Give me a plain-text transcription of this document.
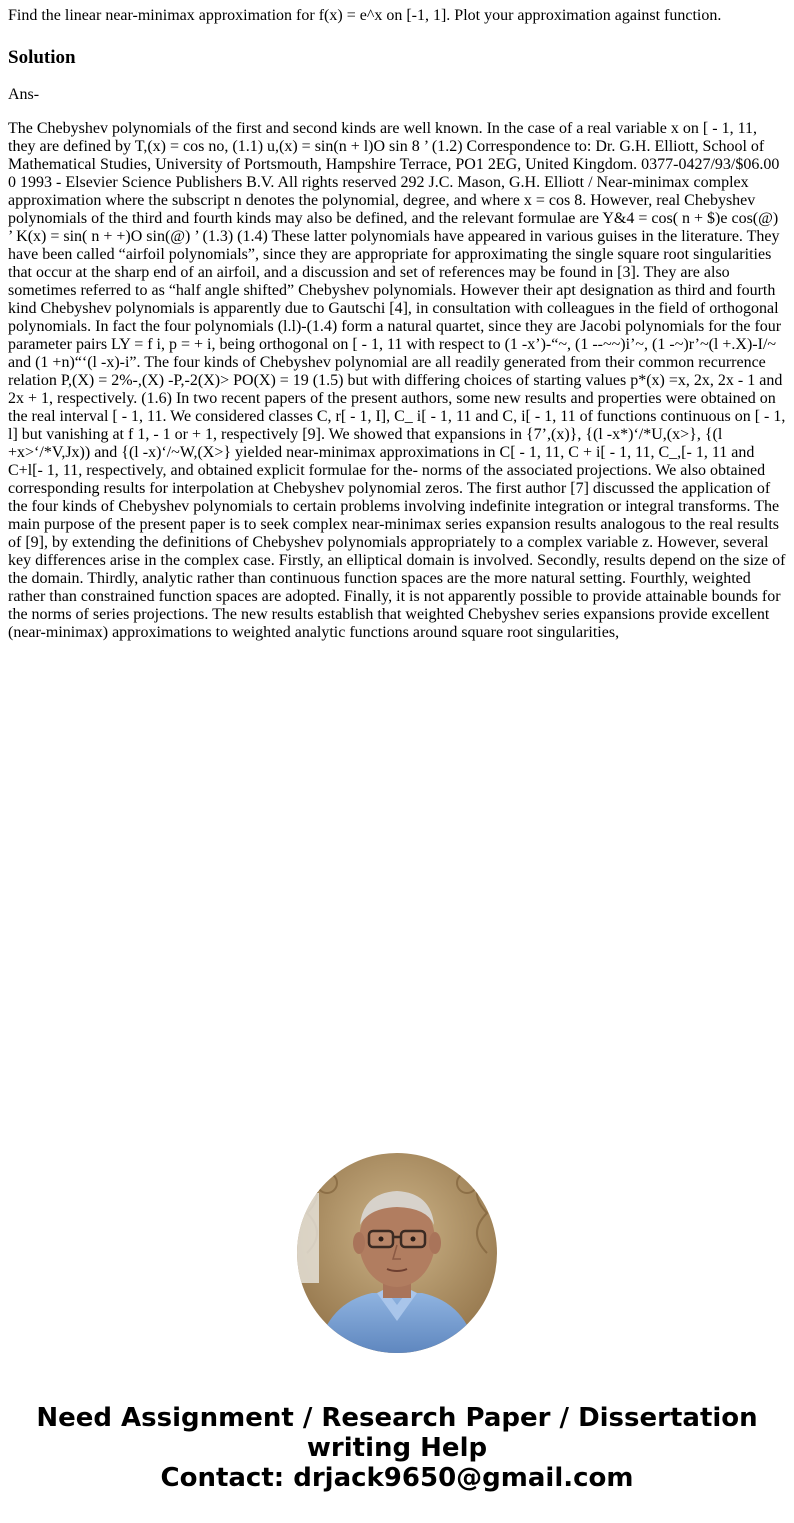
Find the linear near-minimax approximation for f(x) = e^x on [-1, 1]. Plot your approximation against function.

Solution

Ans-

The Chebyshev polynomials of the first and second kinds are well known. In the case of a real variable x on [ - 1, 11, they are defined by T,(x) = cos no, (1.1) u,(x) = sin(n + l)O sin 8 ’ (1.2) Correspondence to: Dr. G.H. Elliott, School of Mathematical Studies, University of Portsmouth, Hampshire Terrace, PO1 2EG, United Kingdom. 0377-0427/93/$06.00 0 1993 - Elsevier Science Publishers B.V. All rights reserved 292 J.C. Mason, G.H. Elliott / Near-minimax complex approximation where the subscript n denotes the polynomial, degree, and where x = cos 8. However, real Chebyshev polynomials of the third and fourth kinds may also be defined, and the relevant formulae are Y&4 = cos( n + $)e cos(@) ’ K(x) = sin( n + +)O sin(@) ’ (1.3) (1.4) These latter polynomials have appeared in various guises in the literature. They have been called “airfoil polynomials”, since they are appropriate for approximating the single square root singularities that occur at the sharp end of an airfoil, and a discussion and set of references may be found in [3]. They are also sometimes referred to as “half angle shifted” Chebyshev polynomials. However their apt designation as third and fourth kind Chebyshev polynomials is apparently due to Gautschi [4], in consultation with colleagues in the field of orthogonal polynomials. In fact the four polynomials (l.l)-(1.4) form a natural quartet, since they are Jacobi polynomials for the four parameter pairs LY = f i, p = + i, being orthogonal on [ - 1, 11 with respect to (1 -x’)-“~, (1 --~~)i’~, (1 -~)r’~(l +.X)-I/~ and (1 +n)“‘(l -x)-i”. The four kinds of Chebyshev polynomial are all readily generated from their common recurrence relation P,(X) = 2%-,(X) -P,-2(X)> PO(X) = 19 (1.5) but with differing choices of starting values p*(x) =x, 2x, 2x - 1 and 2x + 1, respectively. (1.6) In two recent papers of the present authors, some new results and properties were obtained on the real interval [ - 1, 11. We considered classes C, r[ - 1, I], C_ i[ - 1, 11 and C, i[ - 1, 11 of functions continuous on [ - 1, l] but vanishing at f 1, - 1 or + 1, respectively [9]. We showed that expansions in {7’,(x)}, {(l -x*)‘/*U,(x>}, {(l +x>‘/*V,Jx)) and {(l -x)‘/~W,(X>} yielded near-minimax approximations in C[ - 1, 11, C + i[ - 1, 11, C_,[- 1, 11 and C+l[- 1, 11, respectively, and obtained explicit formulae for the- norms of the associated projections. We also obtained corresponding results for interpolation at Chebyshev polynomial zeros. The first author [7] discussed the application of the four kinds of Chebyshev polynomials to certain problems involving indefinite integration or integral transforms. The main purpose of the present paper is to seek complex near-minimax series expansion results analogous to the real results of [9], by extending the definitions of Chebyshev polynomials appropriately to a complex variable z. However, several key differences arise in the complex case. Firstly, an elliptical domain is involved. Secondly, results depend on the size of the domain. Thirdly, analytic rather than continuous function spaces are the more natural setting. Fourthly, weighted rather than constrained function spaces are adopted. Finally, it is not apparently possible to provide attainable bounds for the norms of series projections. The new results establish that weighted Chebyshev series expansions provide excellent (near-minimax) approximations to weighted analytic functions around square root singularities,

Need Assignment / Research Paper / Dissertation
writing Help
Contact: drjack9650@gmail.com
